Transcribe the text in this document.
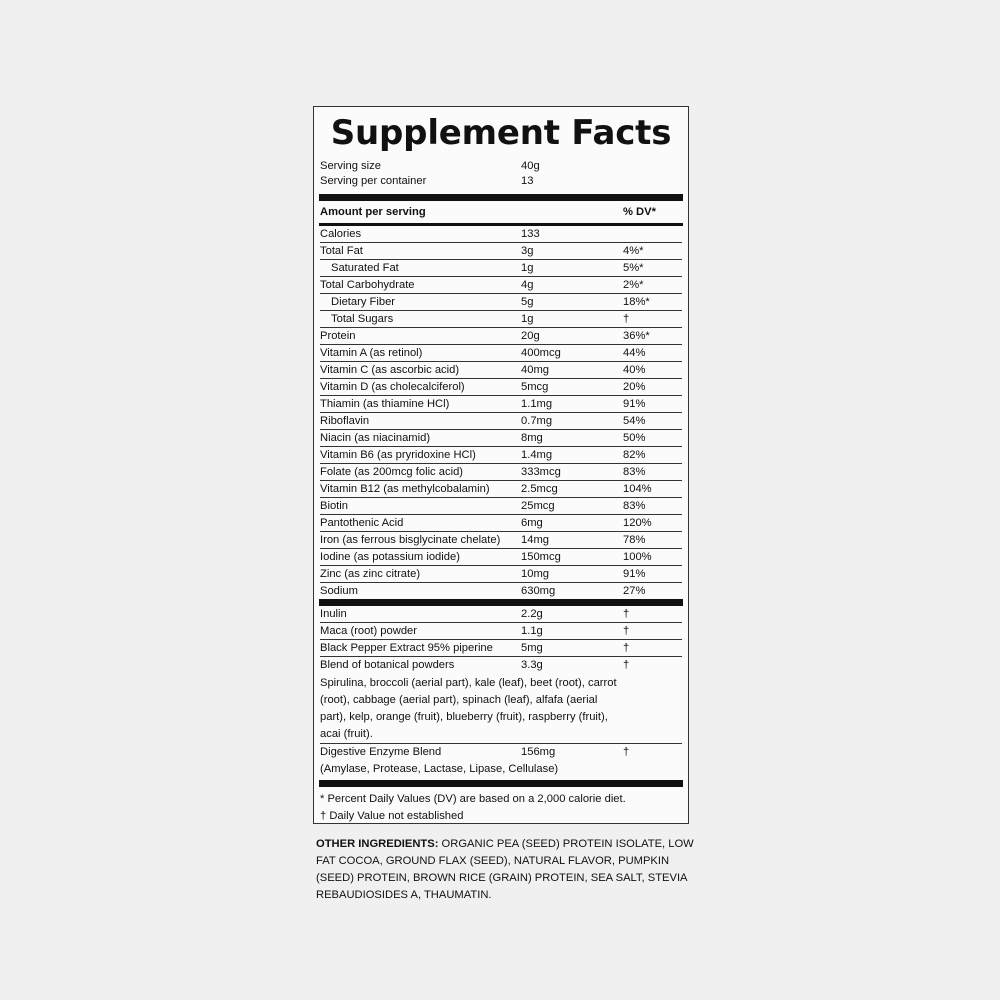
Supplement Facts
Serving size	40g
Serving per container	13
Amount per serving	% DV*
Calories	133
Total Fat	3g	4%*
Saturated Fat	1g	5%*
Total Carbohydrate	4g	2%*
Dietary Fiber	5g	18%*
Total Sugars	1g	†
Protein	20g	36%*
Vitamin A (as retinol)	400mcg	44%
Vitamin C (as ascorbic acid)	40mg	40%
Vitamin D (as cholecalciferol)	5mcg	20%
Thiamin (as thiamine HCl)	1.1mg	91%
Riboflavin	0.7mg	54%
Niacin (as niacinamid)	8mg	50%
Vitamin B6 (as pryridoxine HCl)	1.4mg	82%
Folate (as 200mcg folic acid)	333mcg	83%
Vitamin B12 (as methylcobalamin)	2.5mcg	104%
Biotin	25mcg	83%
Pantothenic Acid	6mg	120%
Iron (as ferrous bisglycinate chelate) 14mg	78%
Iodine (as potassium iodide)	150mcg	100%
Zinc (as zinc citrate)	10mg	91%
Sodium	630mg	27%
Inulin	2.2g	†
Maca (root) powder	1.1g	†
Black Pepper Extract 95% piperine	5mg	†
Blend of botanical powders	3.3g	†
Spirulina, broccoli (aerial part), kale (leaf), beet (root), carrot (root), cabbage (aerial part), spinach (leaf), alfafa (aerial part), kelp, orange (fruit), blueberry (fruit), raspberry (fruit), acai (fruit).
Digestive Enzyme Blend	156mg	†
(Amylase, Protease, Lactase, Lipase, Cellulase)
* Percent Daily Values (DV) are based on a 2,000 calorie diet.
† Daily Value not established
OTHER INGREDIENTS: ORGANIC PEA (SEED) PROTEIN ISOLATE, LOW FAT COCOA, GROUND FLAX (SEED), NATURAL FLAVOR, PUMPKIN (SEED) PROTEIN, BROWN RICE (GRAIN) PROTEIN, SEA SALT, STEVIA REBAUDIOSIDES A, THAUMATIN.
